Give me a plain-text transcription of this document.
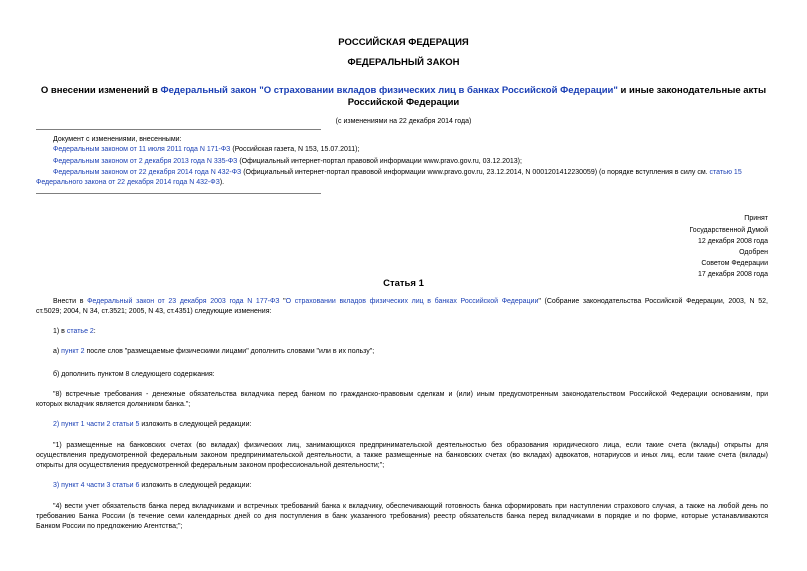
РОССИЙСКАЯ ФЕДЕРАЦИЯ
ФЕДЕРАЛЬНЫЙ ЗАКОН
О внесении изменений в Федеральный закон "О страховании вкладов физических лиц в банках Российской Федерации" и иные законодательные акты
Российской Федерации
(с изменениями на 22 декабря 2014 года)
Документ с изменениями, внесенными:
Федеральным законом от 11 июля 2011 года N 171-ФЗ (Российская газета, N 153, 15.07.2011);
Федеральным законом от 2 декабря 2013 года N 335-ФЗ (Официальный интернет-портал правовой информации www.pravo.gov.ru, 03.12.2013);
Федеральным законом от 22 декабря 2014 года N 432-ФЗ (Официальный интернет-портал правовой информации www.pravo.gov.ru, 23.12.2014, N 0001201412230059) (о порядке вступления в силу см. статью 15
Федерального закона от 22 декабря 2014 года N 432-ФЗ).
Принят
Государственной Думой
12 декабря 2008 года
Одобрен
Советом Федерации
17 декабря 2008 года
Статья 1
Внести в Федеральный закон от 23 декабря 2003 года N 177-ФЗ "О страховании вкладов физических лиц в банках Российской Федерации" (Собрание законодательства Российской Федерации, 2003, N 52,
ст.5029; 2004, N 34, ст.3521; 2005, N 43, ст.4351) следующие изменения:
1) в статье 2:
а) пункт 2 после слов "размещаемые физическими лицами" дополнить словами "или в их пользу";
б) дополнить пунктом 8 следующего содержания:
"8) встречные требования - денежные обязательства вкладчика перед банком по гражданско-правовым сделкам и (или) иным предусмотренным законодательством Российской Федерации основаниям, при
которых вкладчик является должником банка.";
2) пункт 1 части 2 статьи 5 изложить в следующей редакции:
"1) размещенные на банковских счетах (во вкладах) физических лиц, занимающихся предпринимательской деятельностью без образования юридического лица, если такие счета (вклады) открыты для
осуществления предусмотренной федеральным законом предпринимательской деятельности, а также размещенные на банковских счетах (во вкладах) адвокатов, нотариусов и иных лиц, если такие счета (вклады)
открыты для осуществления предусмотренной федеральным законом профессиональной деятельности;";
3) пункт 4 части 3 статьи 6 изложить в следующей редакции:
"4) вести учет обязательств банка перед вкладчиками и встречных требований банка к вкладчику, обеспечивающий готовность банка сформировать при наступлении страхового случая, а также на любой день по
требованию Банка России (в течение семи календарных дней со дня поступления в банк указанного требования) реестр обязательств банка перед вкладчиками в порядке и по форме, которые устанавливаются
Банком России по предложению Агентства;";
